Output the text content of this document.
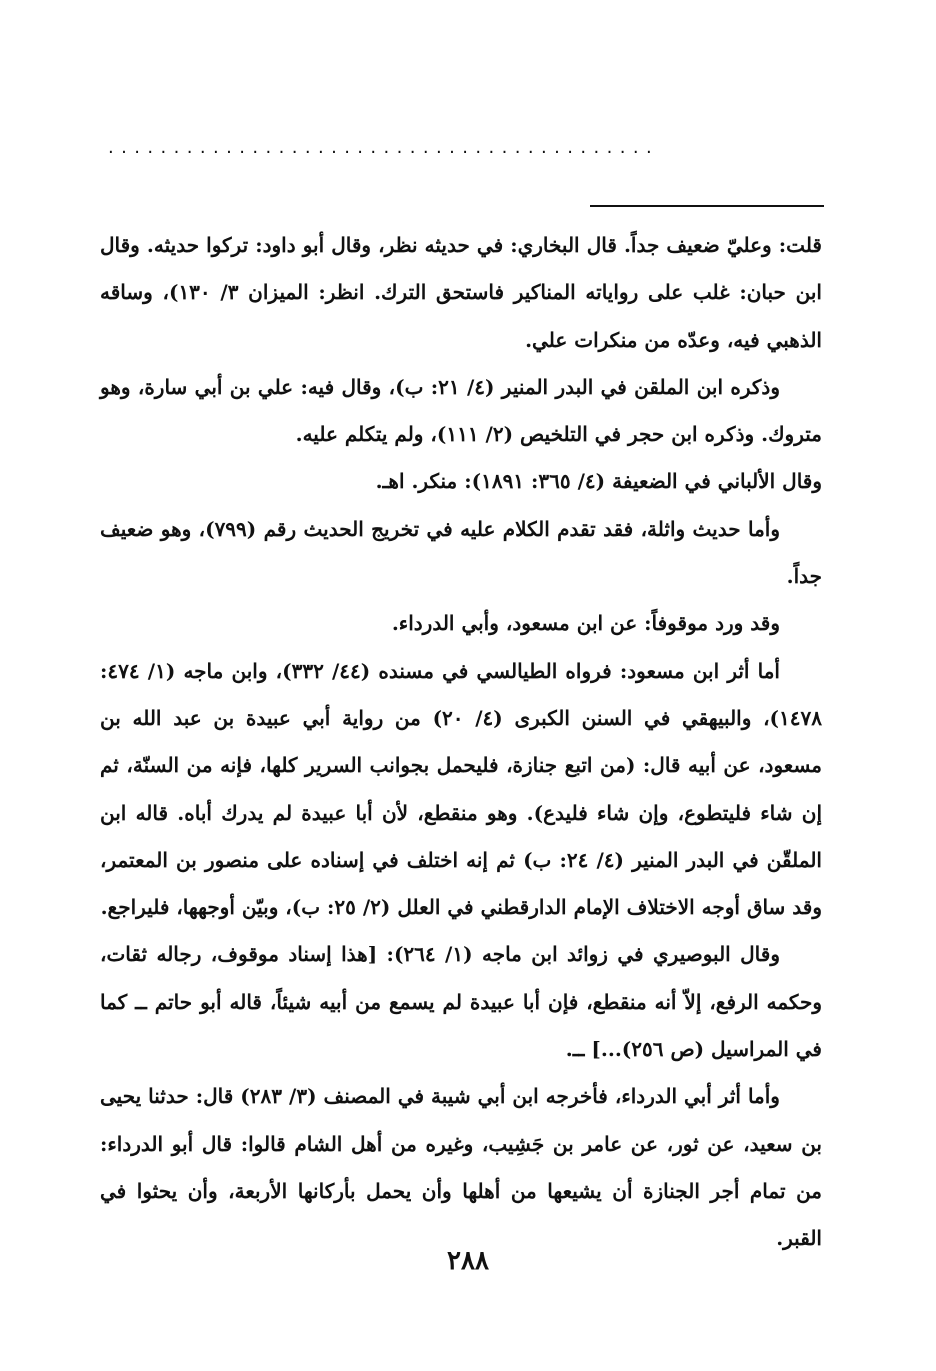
..........................................

قلت: وعليّ ضعيف جداً. قال البخاري: في حديثه نظر، وقال أبو داود: تركوا حديثه. وقال ابن حبان: غلب على رواياته المناكير فاستحق الترك. انظر: الميزان ٣/ ١٣٠)، وساقه الذهبي فيه، وعدّه من منكرات علي.

وذكره ابن الملقن في البدر المنير (٤/ ٢١: ب)، وقال فيه: علي بن أبي سارة، وهو متروك. وذكره ابن حجر في التلخيص (٢/ ١١١)، ولم يتكلم عليه.

وقال الألباني في الضعيفة (٤/ ٣٦٥: ١٨٩١): منكر. اهـ.

وأما حديث واثلة، فقد تقدم الكلام عليه في تخريج الحديث رقم (٧٩٩)، وهو ضعيف جداً.

وقد ورد موقوفاً: عن ابن مسعود، وأبي الدرداء.

أما أثر ابن مسعود: فرواه الطيالسي في مسنده (٤٤/ ٣٣٢)، وابن ماجه (١/ ٤٧٤: ١٤٧٨)، والبيهقي في السنن الكبرى (٤/ ٢٠) من رواية أبي عبيدة بن عبد الله بن مسعود، عن أبيه قال: (من اتبع جنازة، فليحمل بجوانب السرير كلها، فإنه من السنّة، ثم إن شاء فليتطوع، وإن شاء فليدع). وهو منقطع، لأن أبا عبيدة لم يدرك أباه. قاله ابن الملقّن في البدر المنير (٤/ ٢٤: ب) ثم إنه اختلف في إسناده على منصور بن المعتمر، وقد ساق أوجه الاختلاف الإمام الدارقطني في العلل (٢/ ٢٥: ب)، وبيّن أوجهها، فليراجع.

وقال البوصيري في زوائد ابن ماجه (١/ ٢٦٤): [هذا إسناد موقوف، رجاله ثقات، وحكمه الرفع، إلاّ أنه منقطع، فإن أبا عبيدة لم يسمع من أبيه شيئاً، قاله أبو حاتم ــ كما في المراسيل (ص ٢٥٦)...] ــ.

وأما أثر أبي الدرداء، فأخرجه ابن أبي شيبة في المصنف (٣/ ٢٨٣) قال: حدثنا يحيى بن سعيد، عن ثور، عن عامر بن جَشِيب، وغيره من أهل الشام قالوا: قال أبو الدرداء: من تمام أجر الجنازة أن يشيعها من أهلها وأن يحمل بأركانها الأربعة، وأن يحثوا في القبر.

٢٨٨
